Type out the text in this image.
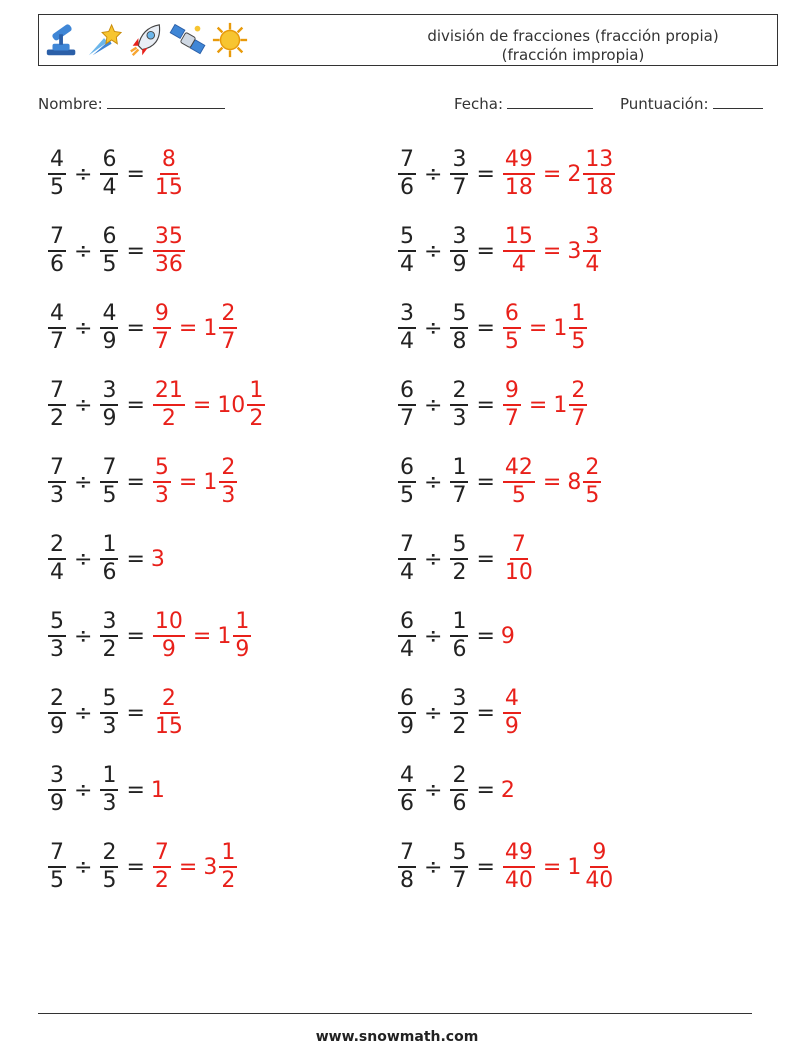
división de fracciones (fracción propia)
(fracción impropia)
Nombre:	Fecha:	Puntuación:
$\frac{4}{5} \div \frac{6}{4} = \frac{8}{15}$	$\frac{7}{6} \div \frac{3}{7} = \frac{49}{18} = 2 \frac{13}{18}$
$\frac{7}{6} \div \frac{6}{5} = \frac{35}{36}$	$\frac{5}{4} \div \frac{3}{9} = \frac{15}{4} = 3 \frac{3}{4}$
$\frac{4}{7} \div \frac{4}{9} = \frac{9}{7} = 1 \frac{2}{7}$	$\frac{3}{4} \div \frac{5}{8} = \frac{6}{5} = 1 \frac{1}{5}$
$\frac{7}{2} \div \frac{3}{9} = \frac{21}{2} = 10 \frac{1}{2}$	$\frac{6}{7} \div \frac{2}{3} = \frac{9}{7} = 1 \frac{2}{7}$
$\frac{7}{3} \div \frac{7}{5} = \frac{5}{3} = 1 \frac{2}{3}$	$\frac{6}{5} \div \frac{1}{7} = \frac{42}{5} = 8 \frac{2}{5}$
$\frac{2}{4} \div \frac{1}{6} = 3$	$\frac{7}{4} \div \frac{5}{2} = \frac{7}{10}$
$\frac{5}{3} \div \frac{3}{2} = \frac{10}{9} = 1 \frac{1}{9}$	$\frac{6}{4} \div \frac{1}{6} = 9$
$\frac{2}{9} \div \frac{5}{3} = \frac{2}{15}$	$\frac{6}{9} \div \frac{3}{2} = \frac{4}{9}$
$\frac{3}{9} \div \frac{1}{3} = 1$	$\frac{4}{6} \div \frac{2}{6} = 2$
$\frac{7}{5} \div \frac{2}{5} = \frac{7}{2} = 3 \frac{1}{2}$	$\frac{7}{8} \div \frac{5}{7} = \frac{49}{40} = 1 \frac{9}{40}$
www.snowmath.com
